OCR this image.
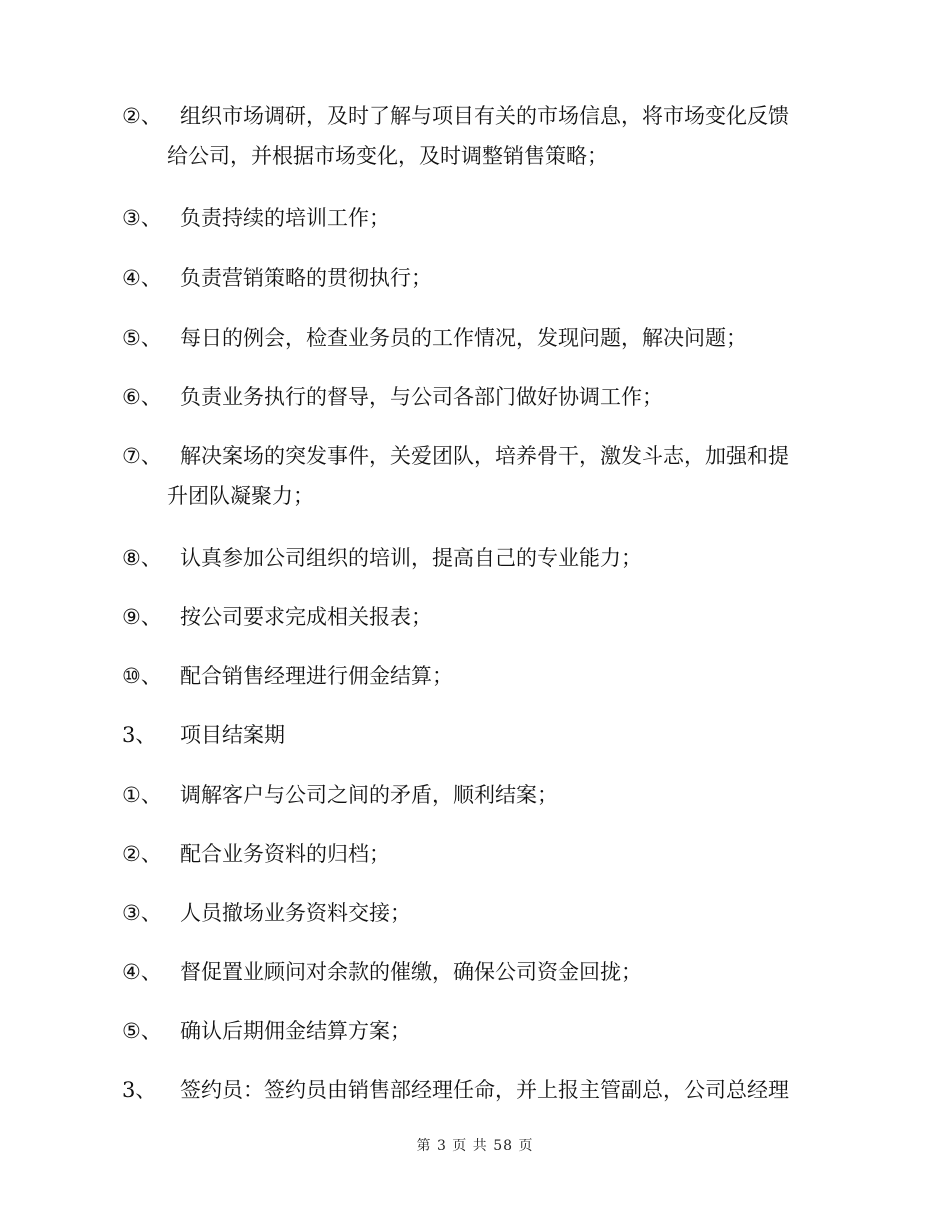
②、 组织市场调研，及时了解与项目有关的市场信息，将市场变化反馈
给公司，并根据市场变化，及时调整销售策略；
③、 负责持续的培训工作；
④、 负责营销策略的贯彻执行；
⑤、 每日的例会，检查业务员的工作情况，发现问题，解决问题；
⑥、 负责业务执行的督导，与公司各部门做好协调工作；
⑦、 解决案场的突发事件，关爱团队，培养骨干，激发斗志，加强和提
升团队凝聚力；
⑧、 认真参加公司组织的培训，提高自己的专业能力；
⑨、 按公司要求完成相关报表；
⑩、 配合销售经理进行佣金结算；
3、	项目结案期
①、 调解客户与公司之间的矛盾，顺利结案；
②、 配合业务资料的归档；
③、 人员撤场业务资料交接；
④、 督促置业顾问对余款的催缴，确保公司资金回拢；
⑤、 确认后期佣金结算方案；
3、	签约员：签约员由销售部经理任命，并上报主管副总，公司总经理
第 3 页 共 58 页
